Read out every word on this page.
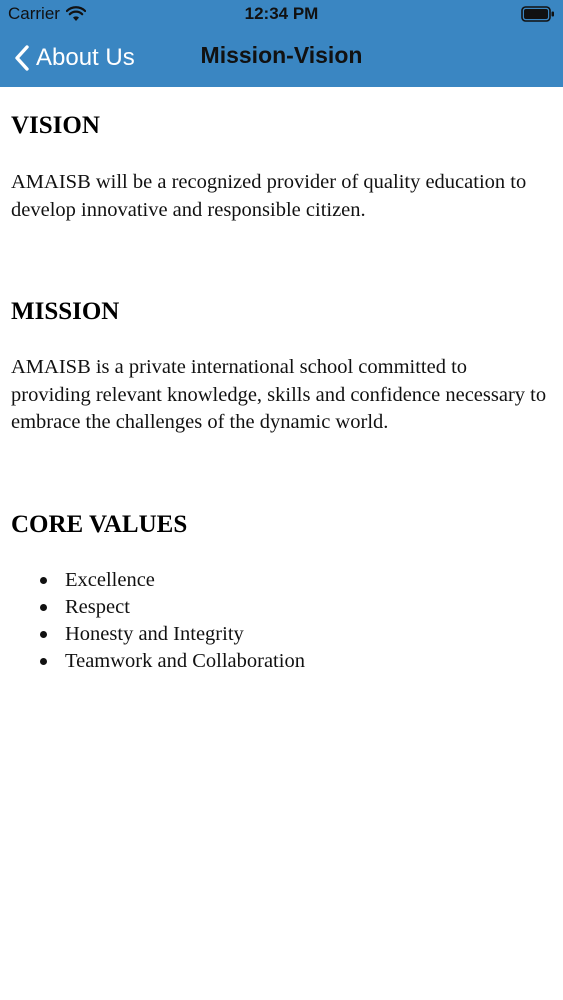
Carrier	12:34 PM
About Us	Mission-Vision
VISION

AMAISB will be a recognized provider of quality education to develop innovative and responsible citizen.

MISSION

AMAISB is a private international school committed to providing relevant knowledge, skills and confidence necessary to embrace the challenges of the dynamic world.

CORE VALUES
Excellence
Respect
Honesty and Integrity
Teamwork and Collaboration
